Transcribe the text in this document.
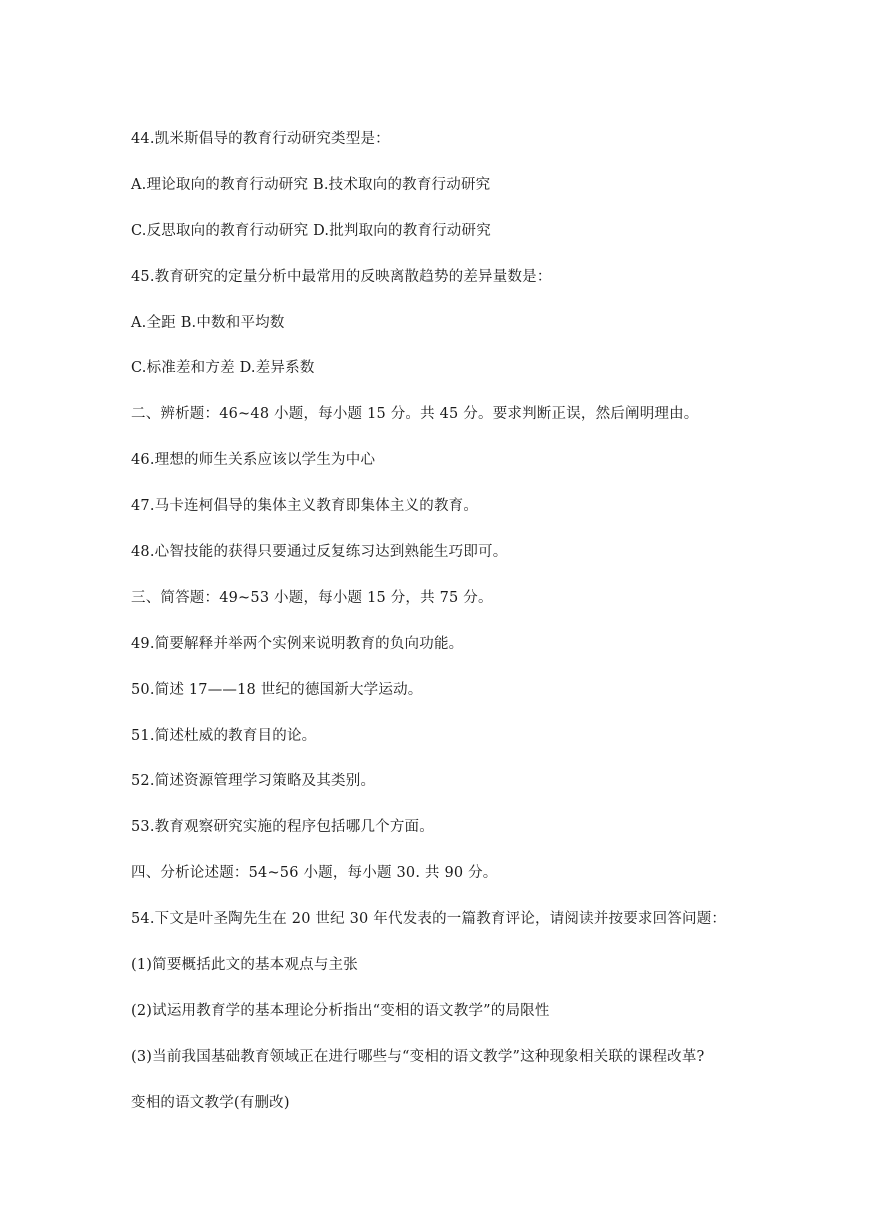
44.凯米斯倡导的教育行动研究类型是：
A.理论取向的教育行动研究 B.技术取向的教育行动研究
C.反思取向的教育行动研究 D.批判取向的教育行动研究
45.教育研究的定量分析中最常用的反映离散趋势的差异量数是：
A.全距 B.中数和平均数
C.标准差和方差 D.差异系数
二、辨析题：46~48 小题，每小题 15 分。共 45 分。要求判断正误，然后阐明理由。
46.理想的师生关系应该以学生为中心
47.马卡连柯倡导的集体主义教育即集体主义的教育。
48.心智技能的获得只要通过反复练习达到熟能生巧即可。
三、简答题：49~53 小题，每小题 15 分，共 75 分。
49.简要解释并举两个实例来说明教育的负向功能。
50.简述 17——18 世纪的德国新大学运动。
51.简述杜威的教育目的论。
52.简述资源管理学习策略及其类别。
53.教育观察研究实施的程序包括哪几个方面。
四、分析论述题：54~56 小题，每小题 30. 共 90 分。
54.下文是叶圣陶先生在 20 世纪 30 年代发表的一篇教育评论，请阅读并按要求回答问题：
(1)简要概括此文的基本观点与主张
(2)试运用教育学的基本理论分析指出“变相的语文教学”的局限性
(3)当前我国基础教育领域正在进行哪些与“变相的语文教学”这种现象相关联的课程改革?
变相的语文教学(有删改)
